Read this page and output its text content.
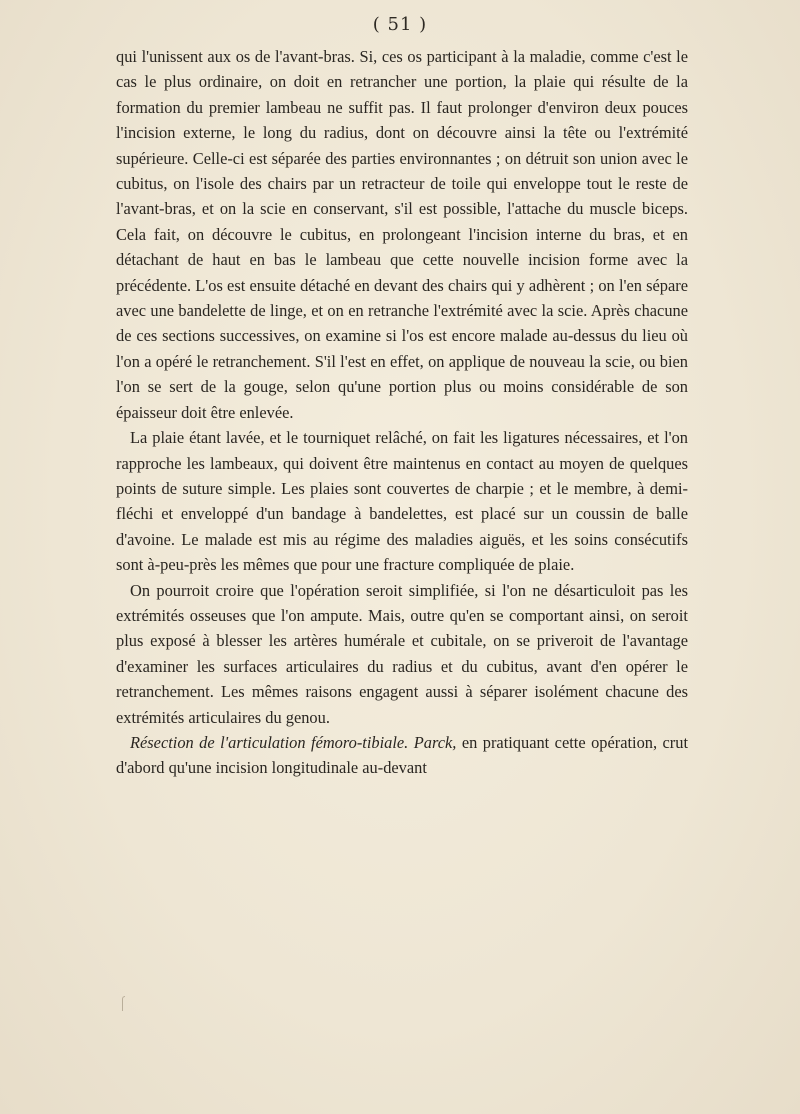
( 51 )

qui l'unissent aux os de l'avant-bras. Si, ces os participant à la maladie, comme c'est le cas le plus ordinaire, on doit en retrancher une portion, la plaie qui résulte de la formation du premier lambeau ne suffit pas. Il faut prolonger d'environ deux pouces l'incision externe, le long du radius, dont on découvre ainsi la tête ou l'extrémité supérieure. Celle-ci est séparée des parties environnantes ; on détruit son union avec le cubitus, on l'isole des chairs par un retracteur de toile qui enveloppe tout le reste de l'avant-bras, et on la scie en conservant, s'il est possible, l'attache du muscle biceps. Cela fait, on découvre le cubitus, en prolongeant l'incision interne du bras, et en détachant de haut en bas le lambeau que cette nouvelle incision forme avec la précédente. L'os est ensuite détaché en devant des chairs qui y adhèrent ; on l'en sépare avec une bandelette de linge, et on en retranche l'extrémité avec la scie. Après chacune de ces sections successives, on examine si l'os est encore malade au-dessus du lieu où l'on a opéré le retranchement. S'il l'est en effet, on applique de nouveau la scie, ou bien l'on se sert de la gouge, selon qu'une portion plus ou moins considérable de son épaisseur doit être enlevée.

La plaie étant lavée, et le tourniquet relâché, on fait les ligatures nécessaires, et l'on rapproche les lambeaux, qui doivent être maintenus en contact au moyen de quelques points de suture simple. Les plaies sont couvertes de charpie ; et le membre, à demi-fléchi et enveloppé d'un bandage à bandelettes, est placé sur un coussin de balle d'avoine. Le malade est mis au régime des maladies aiguës, et les soins consécutifs sont à-peu-près les mêmes que pour une fracture compliquée de plaie.

On pourroit croire que l'opération seroit simplifiée, si l'on ne désarticuloit pas les extrémités osseuses que l'on ampute. Mais, outre qu'en se comportant ainsi, on seroit plus exposé à blesser les artères humérale et cubitale, on se priveroit de l'avantage d'examiner les surfaces articulaires du radius et du cubitus, avant d'en opérer le retranchement. Les mêmes raisons engagent aussi à séparer isolément chacune des extrémités articulaires du genou.

Résection de l'articulation fémoro-tibiale. Parck, en pratiquant cette opération, crut d'abord qu'une incision longitudinale au-devant
